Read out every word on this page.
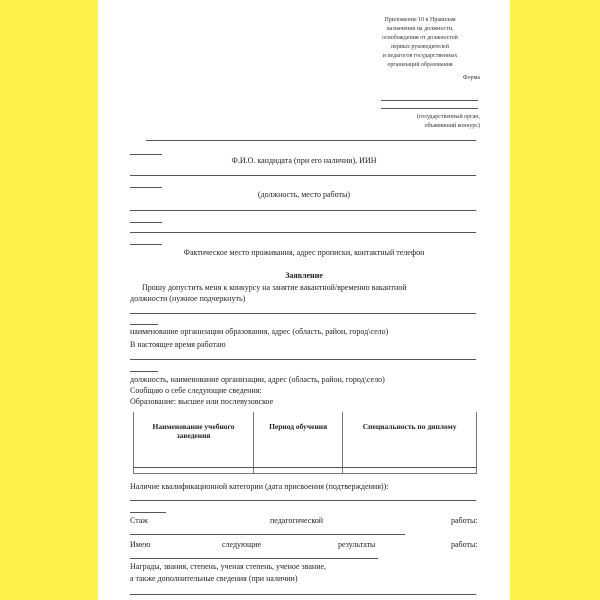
Приложение 10 к Правилам
назначения на должности,
освобождения от должностей
первых руководителей
и педагогов государственных
организаций образования
Форма
(государственный орган,
объявивший конкурс)
Ф.И.О. кандидата (при его наличии), ИИН
(должность, место работы)
Фактическое место проживания, адрес прописки, контактный телефон
Заявление
Прошу допустить меня к конкурсу на занятие вакантной/временно вакантной
должности (нужное подчеркнуть)
наименование организации образования, адрес (область, район, город\село)
В настоящее время работаю
должность, наименование организации, адрес (область, район, город\село)
Сообщаю о себе следующие сведения:
Образование: высшее или послевузовское
Наименование учебного заведения	Период обучения	Специальность по диплому
Наличие квалификационной категории (дата присвоения (подтверждения)):
Стаж	педагогической	работы:
Имею	следующие	результаты	работы:
Награды, звания, степень, ученая степень, ученое звание,
а также дополнительные сведения (при наличии)
